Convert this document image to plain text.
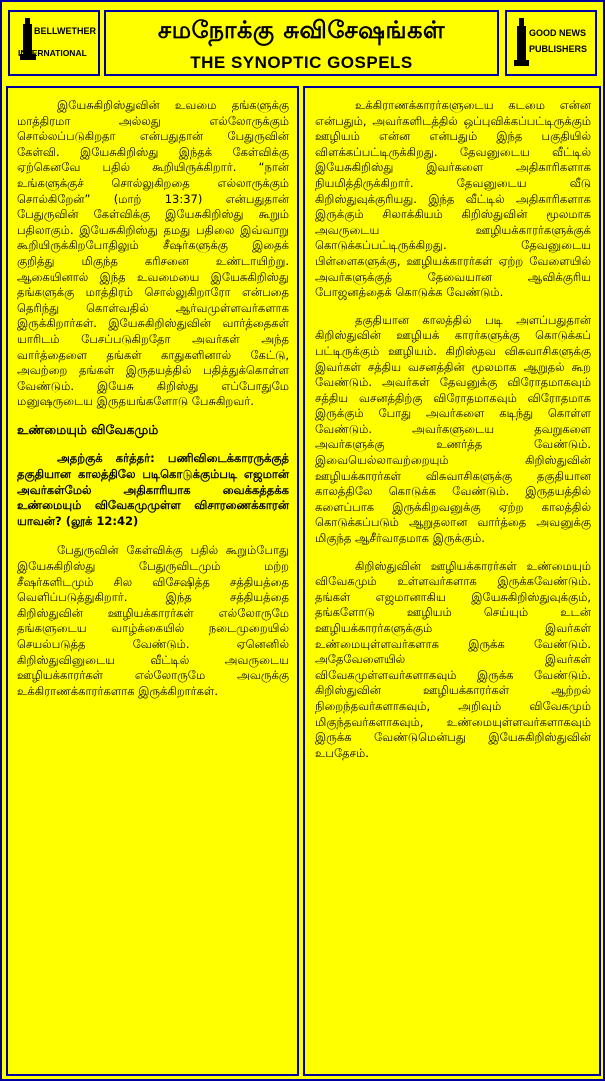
BELLWETHER
INTERNATIONAL
சமநோக்கு சுவிசேஷங்கள்
THE SYNOPTIC GOSPELS
GOOD NEWS
PUBLISHERS

இயேசுகிறிஸ்துவின் உவமை தங்களுக்கு மாத்திரமா அல்லது எல்லோருக்கும் சொல்லப்படுகிறதா என்பதுதான் பேதுருவின் கேள்வி. இயேசுகிறிஸ்து இந்தக் கேள்விக்கு ஏற்கெனவே பதில் கூறியிருக்கிறார். “நான் உங்களுக்குச் சொல்லுகிறதை எல்லாருக்கும் சொல்கிறேன்” (மாற் 13:37) என்பதுதான் பேதுருவின் கேள்விக்கு இயேசுகிறிஸ்து கூறும் பதிலாகும். இயேசுகிறிஸ்து தமது பதிலை இவ்வாறு கூறியிருக்கிறபோதிலும் சீஷர்களுக்கு இதைக் குறித்து மிகுந்த கரிசனை உண்டாயிற்று. ஆகையினால் இந்த உவமையை இயேசுகிறிஸ்து தங்களுக்கு மாத்திரம் சொல்லுகிறாரோ என்பதை தெரிந்து கொள்வதில் ஆர்வமுள்ளவர்களாக இருக்கிறார்கள். இயேசுகிறிஸ்துவின் வார்த்தைகள் யாரிடம் பேசப்படுகிறதோ அவர்கள் அந்த வார்த்தைளை தங்கள் காதுகளினால் கேட்டு, அவற்றை தங்கள் இருதயத்தில் பதித்துக்கொள்ள வேண்டும். இயேசு கிறிஸ்து எப்போதுமே மனுஷருடைய இருதயங்களோடு பேசுகிறவர்.

உண்மையும் விவேகமும்

அதற்குக் கர்த்தர்: பணிவிடைக்காரருக்குத் தகுதியான காலத்திலே படிகொடுக்கும்படி எஜமான் அவர்கள்மேல் அதிகாரியாக வைக்கத்தக்க உண்மையும் விவேகமுமுள்ள விசாரணைக்காரன் யாவன்? (லூக் 12:42)

பேதுருவின் கேள்விக்கு பதில் கூறும்போது இயேசுகிறிஸ்து பேதுருவிடமும் மற்ற சீஷர்களிடமும் சில விசேஷித்த சத்தியத்தை வெளிப்படுத்துகிறார். இந்த சத்தியத்தை கிறிஸ்துவின் ஊழியக்காரர்கள் எல்லோருமே தங்களுடைய வாழ்க்கையில் நடைமுறையில் செயல்படுத்த வேண்டும். ஏனெனில் கிறிஸ்துவினுடைய வீட்டில் அவருடைய ஊழியக்காரர்கள் எல்லோருமே அவருக்கு உக்கிராணக்காரர்களாக இருக்கிறார்கள்.

உக்கிராணக்காரர்களுடைய கடமை என்ன என்பதும், அவர்களிடத்தில் ஒப்புவிக்கப்பட்டிருக்கும் ஊழியம் என்ன என்பதும் இந்த பகுதியில் விளக்கப்பட்டிருக்கிறது. தேவனுடைய வீட்டில் இயேசுகிறிஸ்து இவர்களை அதிகாரிகளாக நியமித்திருக்கிறார். தேவனுடைய வீடு கிறிஸ்துவுக்குரியது. இந்த வீட்டில் அதிகாரிகளாக இருக்கும் சிலாக்கியம் கிறிஸ்துவின் மூலமாக அவருடைய ஊழியக்காரர்களுக்குக் கொடுக்கப்பட்டிருக்கிறது. தேவனுடைய பிள்ளைகளுக்கு, ஊழியக்காரர்கள் ஏற்ற வேளையில் அவர்களுக்குத் தேவையான ஆவிக்குரிய போஜனத்தைக் கொடுக்க வேண்டும்.

தகுதியான காலத்தில் படி அளப்பதுதான் கிறிஸ்துவின் ஊழியக் காரர்களுக்கு கொடுக்கப் பட்டிருக்கும் ஊழியம். கிறிஸ்தவ விசுவாசிகளுக்கு இவர்கள் சத்திய வசனத்தின் மூலமாக ஆறுதல் கூற வேண்டும். அவர்கள் தேவனுக்கு விரோதமாகவும் சத்திய வசனத்திற்கு விரோதமாகவும் விரோதமாக இருக்கும் போது அவர்களை கடிந்து கொள்ள வேண்டும். அவர்களுடைய தவறுகளை அவர்களுக்கு உணர்த்த வேண்டும். இவையெல்லாவற்றையும் கிறிஸ்துவின் ஊழியக்காரர்கள் விசுவாசிகளுக்கு தகுதியான காலத்திலே கொடுக்க வேண்டும். இருதயத்தில் களைப்பாக இருக்கிறவனுக்கு ஏற்ற காலத்தில் கொடுக்கப்படும் ஆறுதலான வார்த்தை அவனுக்கு மிகுந்த ஆசீர்வாதமாக இருக்கும்.

கிறிஸ்துவின் ஊழியக்காரர்கள் உண்மையும் விவேகமும் உள்ளவர்களாக இருக்கவேண்டும். தங்கள் எஜமானாகிய இயேசுகிறிஸ்துவுக்கும், தங்களோடு ஊழியம் செய்யும் உடன் ஊழியக்காரர்களுக்கும் இவர்கள் உண்மையுள்ளவர்களாக இருக்க வேண்டும். அதேவேளையில் இவர்கள் விவேகமுள்ளவர்களாகவும் இருக்க வேண்டும். கிறிஸ்துவின் ஊழியக்காரர்கள் ஆற்றல் நிறைந்தவர்களாகவும், அறிவும் விவேகமும் மிகுந்தவர்களாகவும், உண்மையுள்ளவர்களாகவும் இருக்க வேண்டுமென்பது இயேசுகிறிஸ்துவின் உபதேசம்.
